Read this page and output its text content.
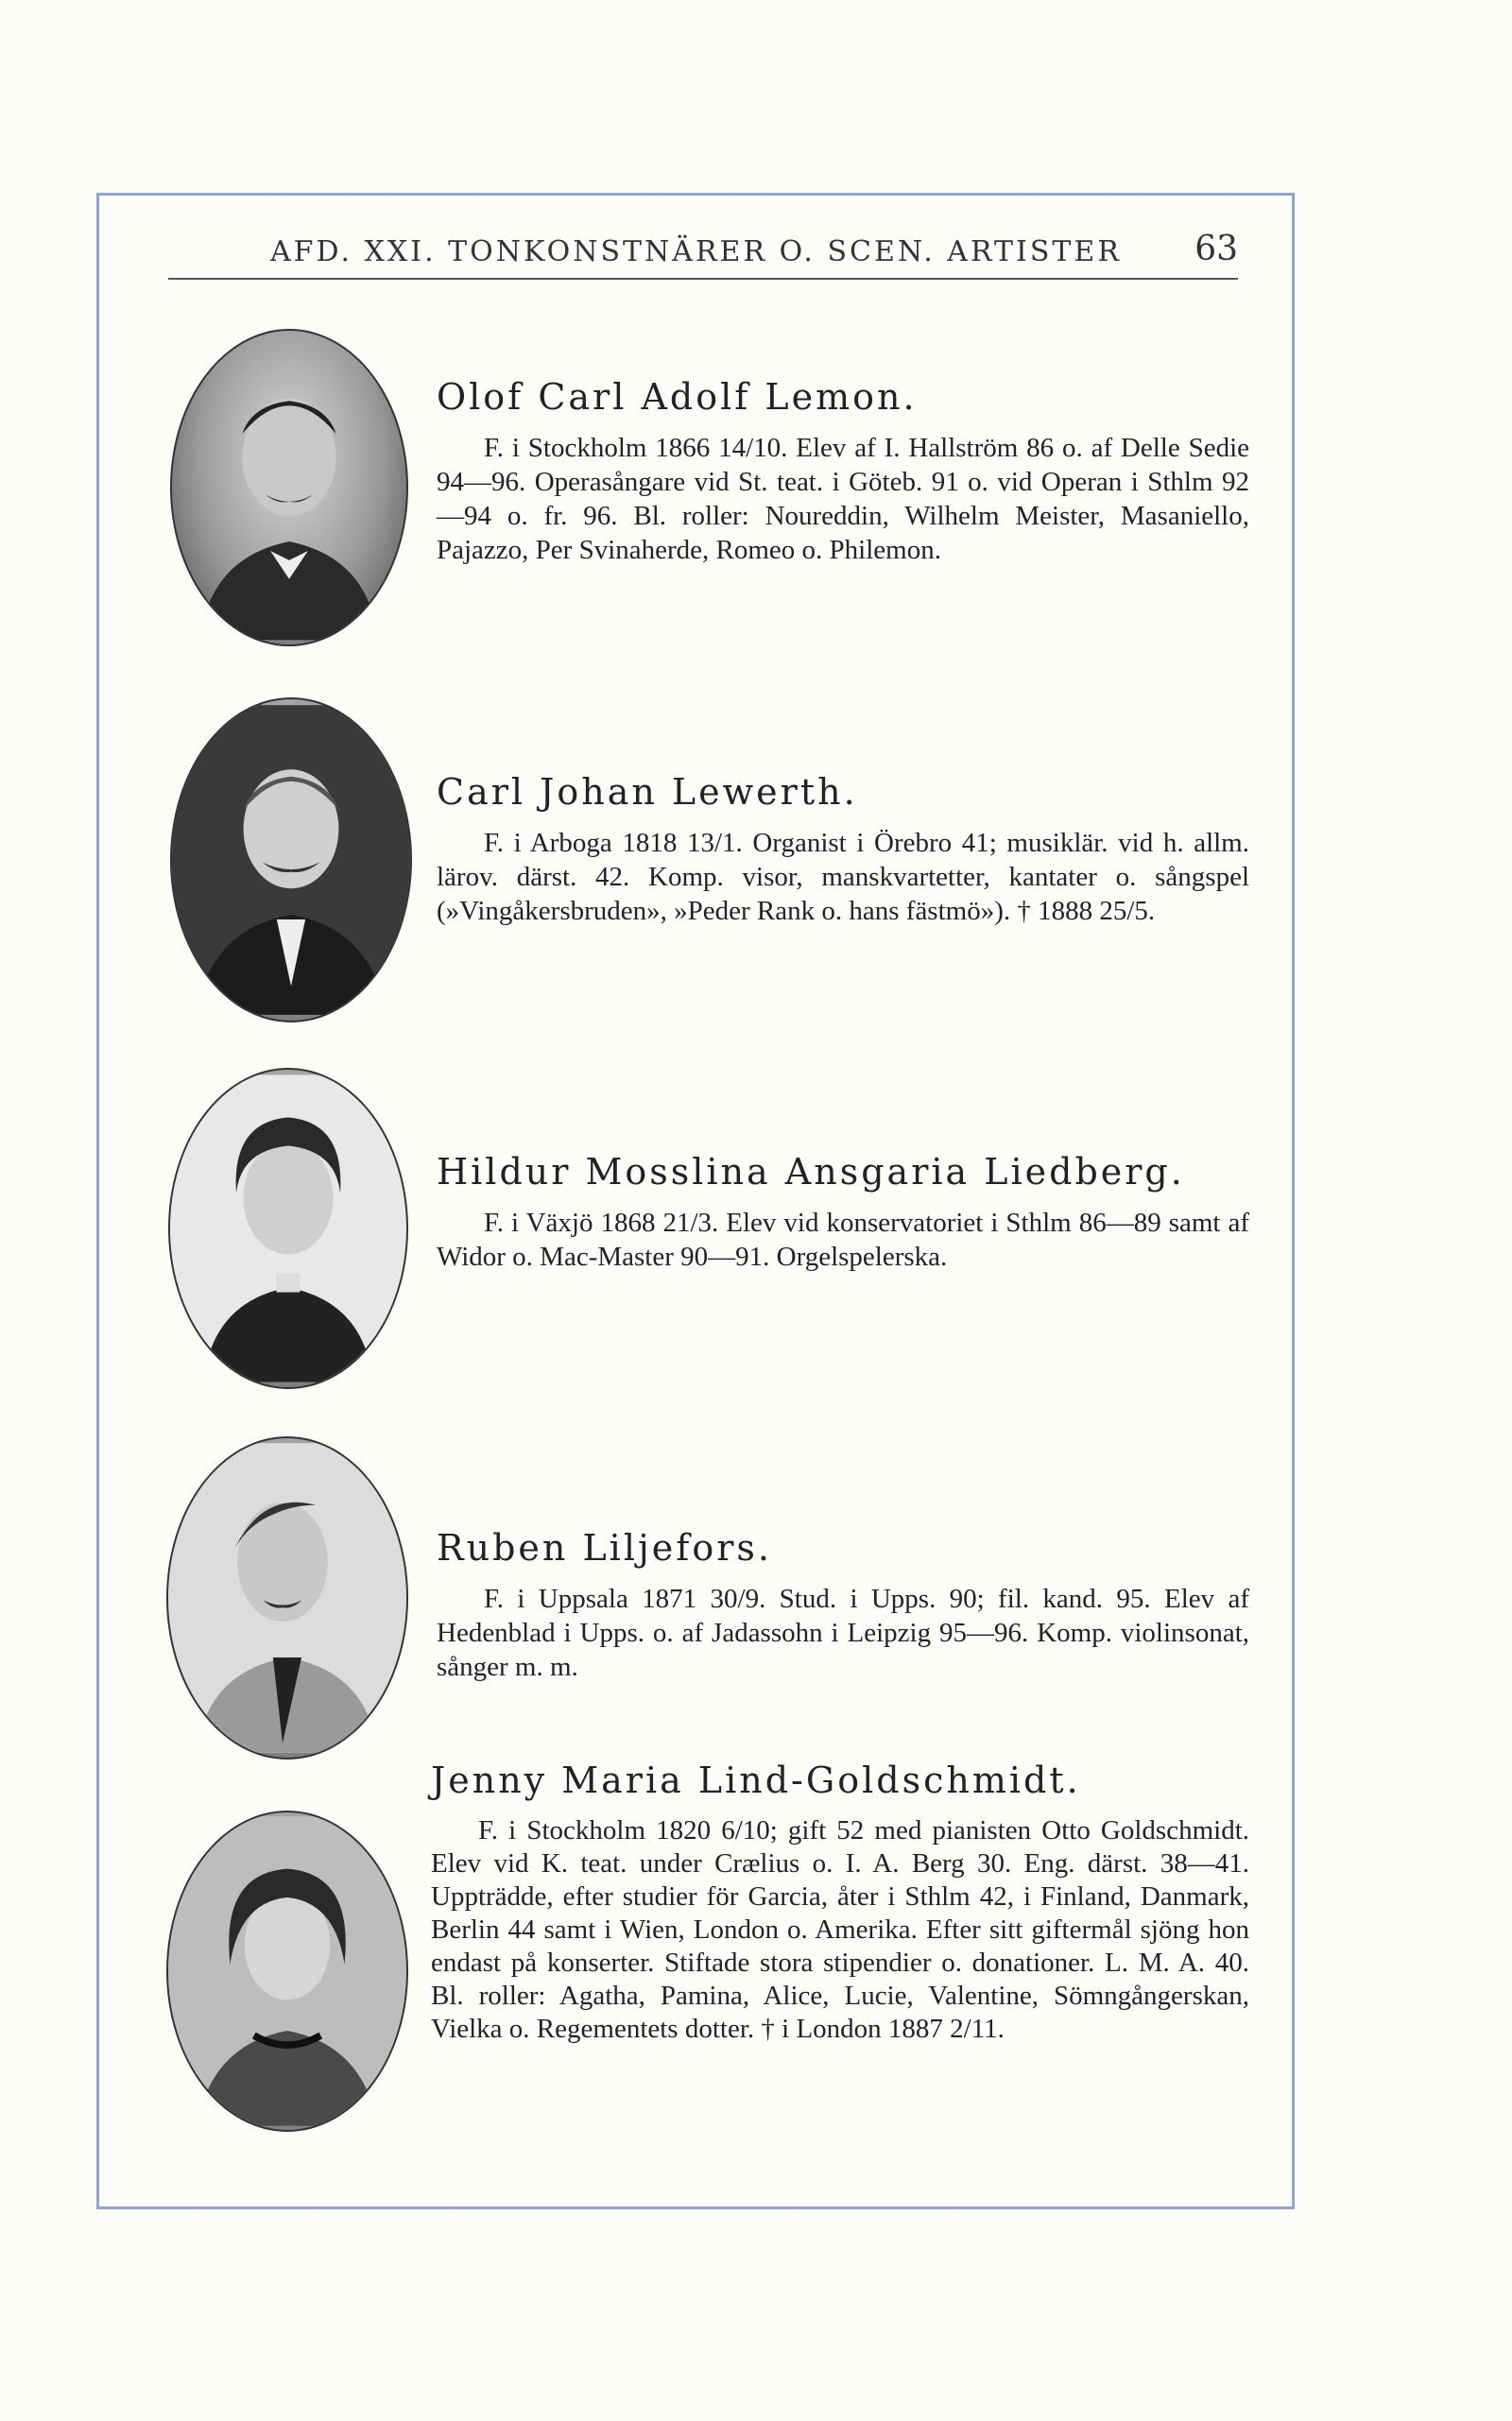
AFD. XXI. TONKONSTNÄRER O. SCEN. ARTISTER 63
Olof Carl Adolf Lemon.

F. i Stockholm 1866 14/10. Elev af I. Hallström 86 o. af Delle Sedie 94—96. Operasångare vid St. teat. i Göteb. 91 o. vid Operan i Sthlm 92—94 o. fr. 96. Bl. roller: Noureddin, Wilhelm Meister, Masaniello, Pajazzo, Per Svinaherde, Romeo o. Philemon.

Carl Johan Lewerth.

F. i Arboga 1818 13/1. Organist i Örebro 41; musiklär. vid h. allm. lärov. därst. 42. Komp. visor, manskvartetter, kantater o. sångspel (»Vingåkersbruden», »Peder Rank o. hans fästmö»). † 1888 25/5.

Hildur Mosslina Ansgaria Liedberg.

F. i Växjö 1868 21/3. Elev vid konservatoriet i Sthlm 86—89 samt af Widor o. Mac-Master 90—91. Orgelspelerska.

Ruben Liljefors.

F. i Uppsala 1871 30/9. Stud. i Upps. 90; fil. kand. 95. Elev af Hedenblad i Upps. o. af Jadassohn i Leipzig 95—96. Komp. violinsonat, sånger m. m.

Jenny Maria Lind-Goldschmidt.

F. i Stockholm 1820 6/10; gift 52 med pianisten Otto Goldschmidt. Elev vid K. teat. under Crælius o. I. A. Berg 30. Eng. därst. 38—41. Uppträdde, efter studier för Garcia, åter i Sthlm 42, i Finland, Danmark, Berlin 44 samt i Wien, London o. Amerika. Efter sitt giftermål sjöng hon endast på konserter. Stiftade stora stipendier o. donationer. L. M. A. 40. Bl. roller: Agatha, Pamina, Alice, Lucie, Valentine, Sömngångerskan, Vielka o. Regementets dotter. † i London 1887 2/11.
